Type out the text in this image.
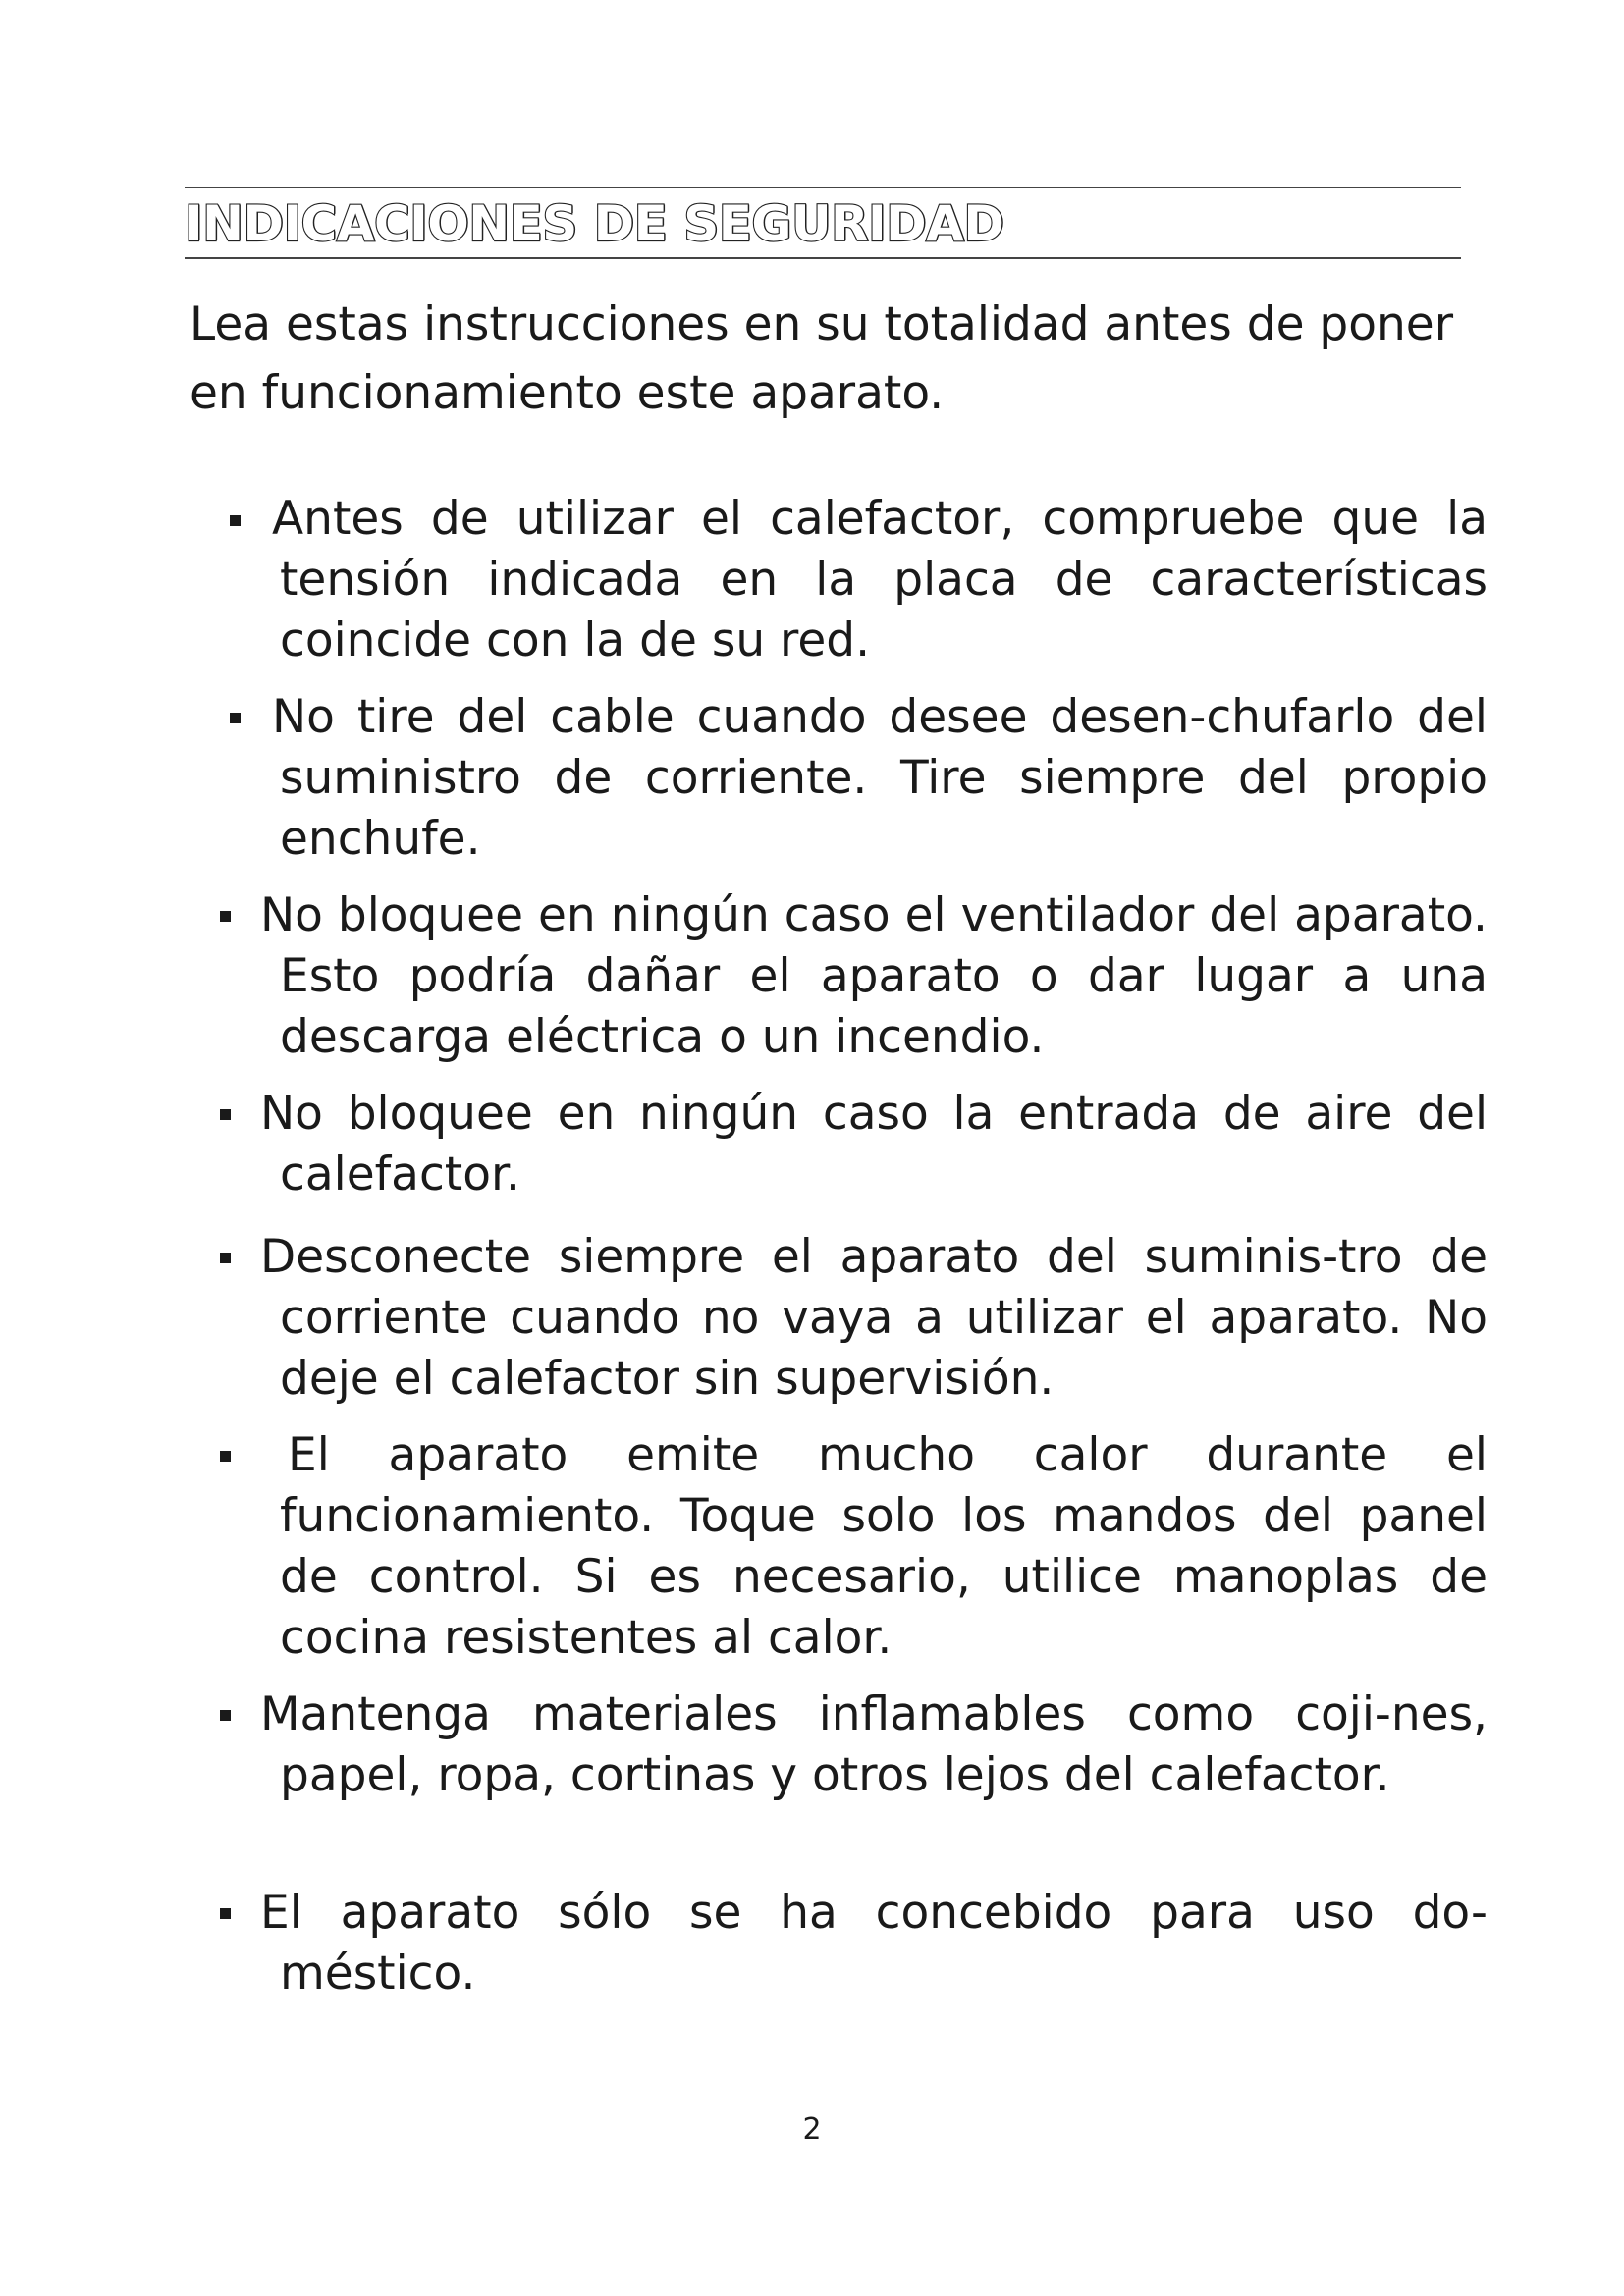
INDICACIONES DE SEGURIDAD
Lea estas instrucciones en su totalidad antes de poner en funcionamiento este aparato.
Antes de utilizar el calefactor, compruebe que la tensión indicada en la placa de características coincide con la de su red.
No tire del cable cuando desee desen-chufarlo del suministro de corriente. Tire siempre del propio enchufe.
No bloquee en ningún caso el ventilador del aparato. Esto podría dañar el aparato o dar lugar a una descarga eléctrica o un incendio.
No bloquee en ningún caso la entrada de aire del calefactor.
Desconecte siempre el aparato del suminis-tro de corriente cuando no vaya a utilizar el aparato. No deje el calefactor sin supervisión.
El aparato emite mucho calor durante el funcionamiento. Toque solo los mandos del panel de control. Si es necesario, utilice manoplas de cocina resistentes al calor.
Mantenga materiales inflamables como coji-nes, papel, ropa, cortinas y otros lejos del calefactor.
El aparato sólo se ha concebido para uso do-méstico.
2
